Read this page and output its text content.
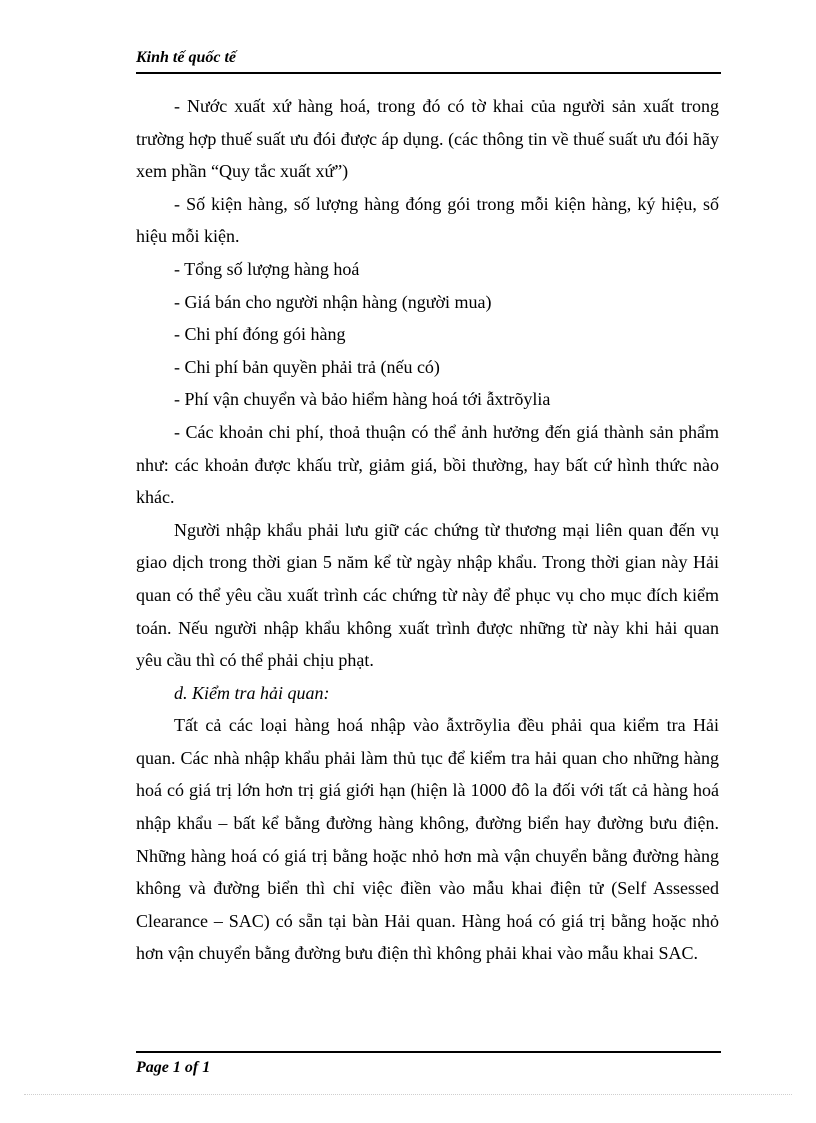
Kinh tế quốc tế

- Nước xuất xứ hàng hoá, trong đó có tờ khai của người sản xuất trong trường hợp thuế suất ưu đói được áp dụng. (các thông tin về thuế suất ưu đói hãy xem phần “Quy tắc xuất xứ”)

- Số kiện hàng, số lượng hàng đóng gói trong mỗi kiện hàng, ký hiệu, số hiệu mỗi kiện.

- Tổng số lượng hàng hoá

- Giá bán cho người nhận hàng (người mua)

- Chi phí đóng gói hàng

- Chi phí bản quyền phải trả (nếu có)

- Phí vận chuyển và bảo hiểm hàng hoá tới ẫxtrõylia

- Các khoản chi phí, thoả thuận có thể ảnh hưởng đến giá thành sản phẩm như: các khoản được khấu trừ, giảm giá, bồi thường, hay bất cứ hình thức nào khác.

Người nhập khẩu phải lưu giữ các chứng từ thương mại liên quan đến vụ giao dịch trong thời gian 5 năm kể từ ngày nhập khẩu. Trong thời gian này Hải quan có thể yêu cầu xuất trình các chứng từ này để phục vụ cho mục đích kiểm toán. Nếu người nhập khẩu không xuất trình được những từ này khi hải quan yêu cầu thì có thể phải chịu phạt.

d. Kiểm tra hải quan:

Tất cả các loại hàng hoá nhập vào ẫxtrõylia đều phải qua kiểm tra Hải quan. Các nhà nhập khẩu phải làm thủ tục để kiểm tra hải quan cho những hàng hoá có giá trị lớn hơn trị giá giới hạn (hiện là 1000 đô la đối với tất cả hàng hoá nhập khẩu – bất kể bằng đường hàng không, đường biển hay đường bưu điện. Những hàng hoá có giá trị bằng hoặc nhỏ hơn mà vận chuyển bằng đường hàng không và đường biển thì chỉ việc điền vào mẫu khai điện tử (Self Assessed Clearance – SAC) có sẵn tại bàn Hải quan. Hàng hoá có giá trị bằng hoặc nhỏ hơn vận chuyển bằng đường bưu điện thì không phải khai vào mẫu khai SAC.

Page 1 of 1
